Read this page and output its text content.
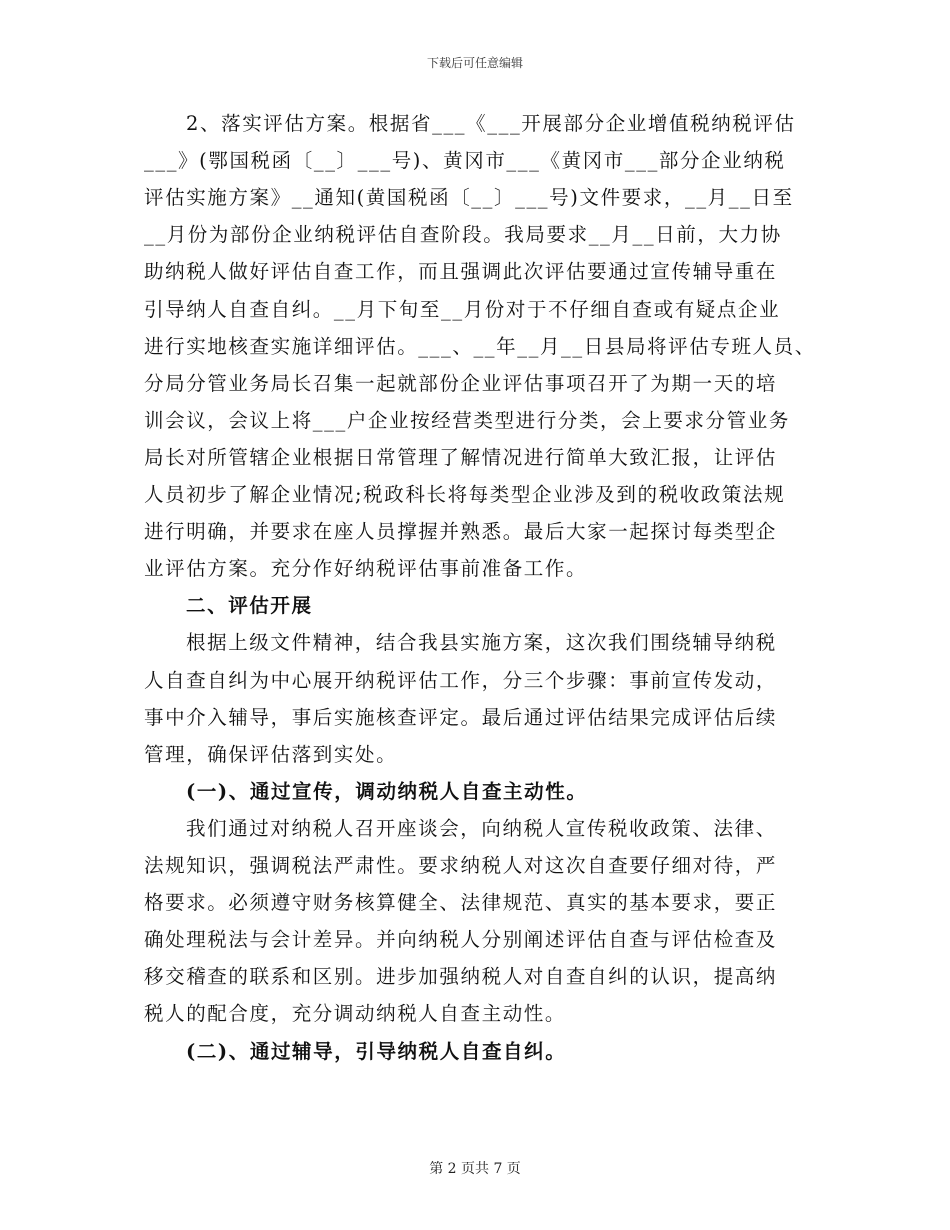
下载后可任意编辑
2、落实评估方案。根据省___《___开展部分企业增值税纳税评估
___》(鄂国税函〔__〕___号)、黄冈市___《黄冈市___部分企业纳税
评估实施方案》__通知(黄国税函〔__〕___号)文件要求，__月__日至
__月份为部份企业纳税评估自查阶段。我局要求__月__日前，大力协
助纳税人做好评估自查工作，而且强调此次评估要通过宣传辅导重在
引导纳人自查自纠。__月下旬至__月份对于不仔细自查或有疑点企业
进行实地核查实施详细评估。___、__年__月__日县局将评估专班人员、
分局分管业务局长召集一起就部份企业评估事项召开了为期一天的培
训会议，会议上将___户企业按经营类型进行分类，会上要求分管业务
局长对所管辖企业根据日常管理了解情况进行简单大致汇报，让评估
人员初步了解企业情况;税政科长将每类型企业涉及到的税收政策法规
进行明确，并要求在座人员撑握并熟悉。最后大家一起探讨每类型企
业评估方案。充分作好纳税评估事前准备工作。
二、评估开展
根据上级文件精神，结合我县实施方案，这次我们围绕辅导纳税
人自查自纠为中心展开纳税评估工作，分三个步骤：事前宣传发动，
事中介入辅导，事后实施核查评定。最后通过评估结果完成评估后续
管理，确保评估落到实处。
(一)、通过宣传，调动纳税人自查主动性。
我们通过对纳税人召开座谈会，向纳税人宣传税收政策、法律、
法规知识，强调税法严肃性。要求纳税人对这次自查要仔细对待，严
格要求。必须遵守财务核算健全、法律规范、真实的基本要求，要正
确处理税法与会计差异。并向纳税人分别阐述评估自查与评估检查及
移交稽查的联系和区别。进步加强纳税人对自查自纠的认识，提高纳
税人的配合度，充分调动纳税人自查主动性。
(二)、通过辅导，引导纳税人自查自纠。
第 2 页共 7 页
